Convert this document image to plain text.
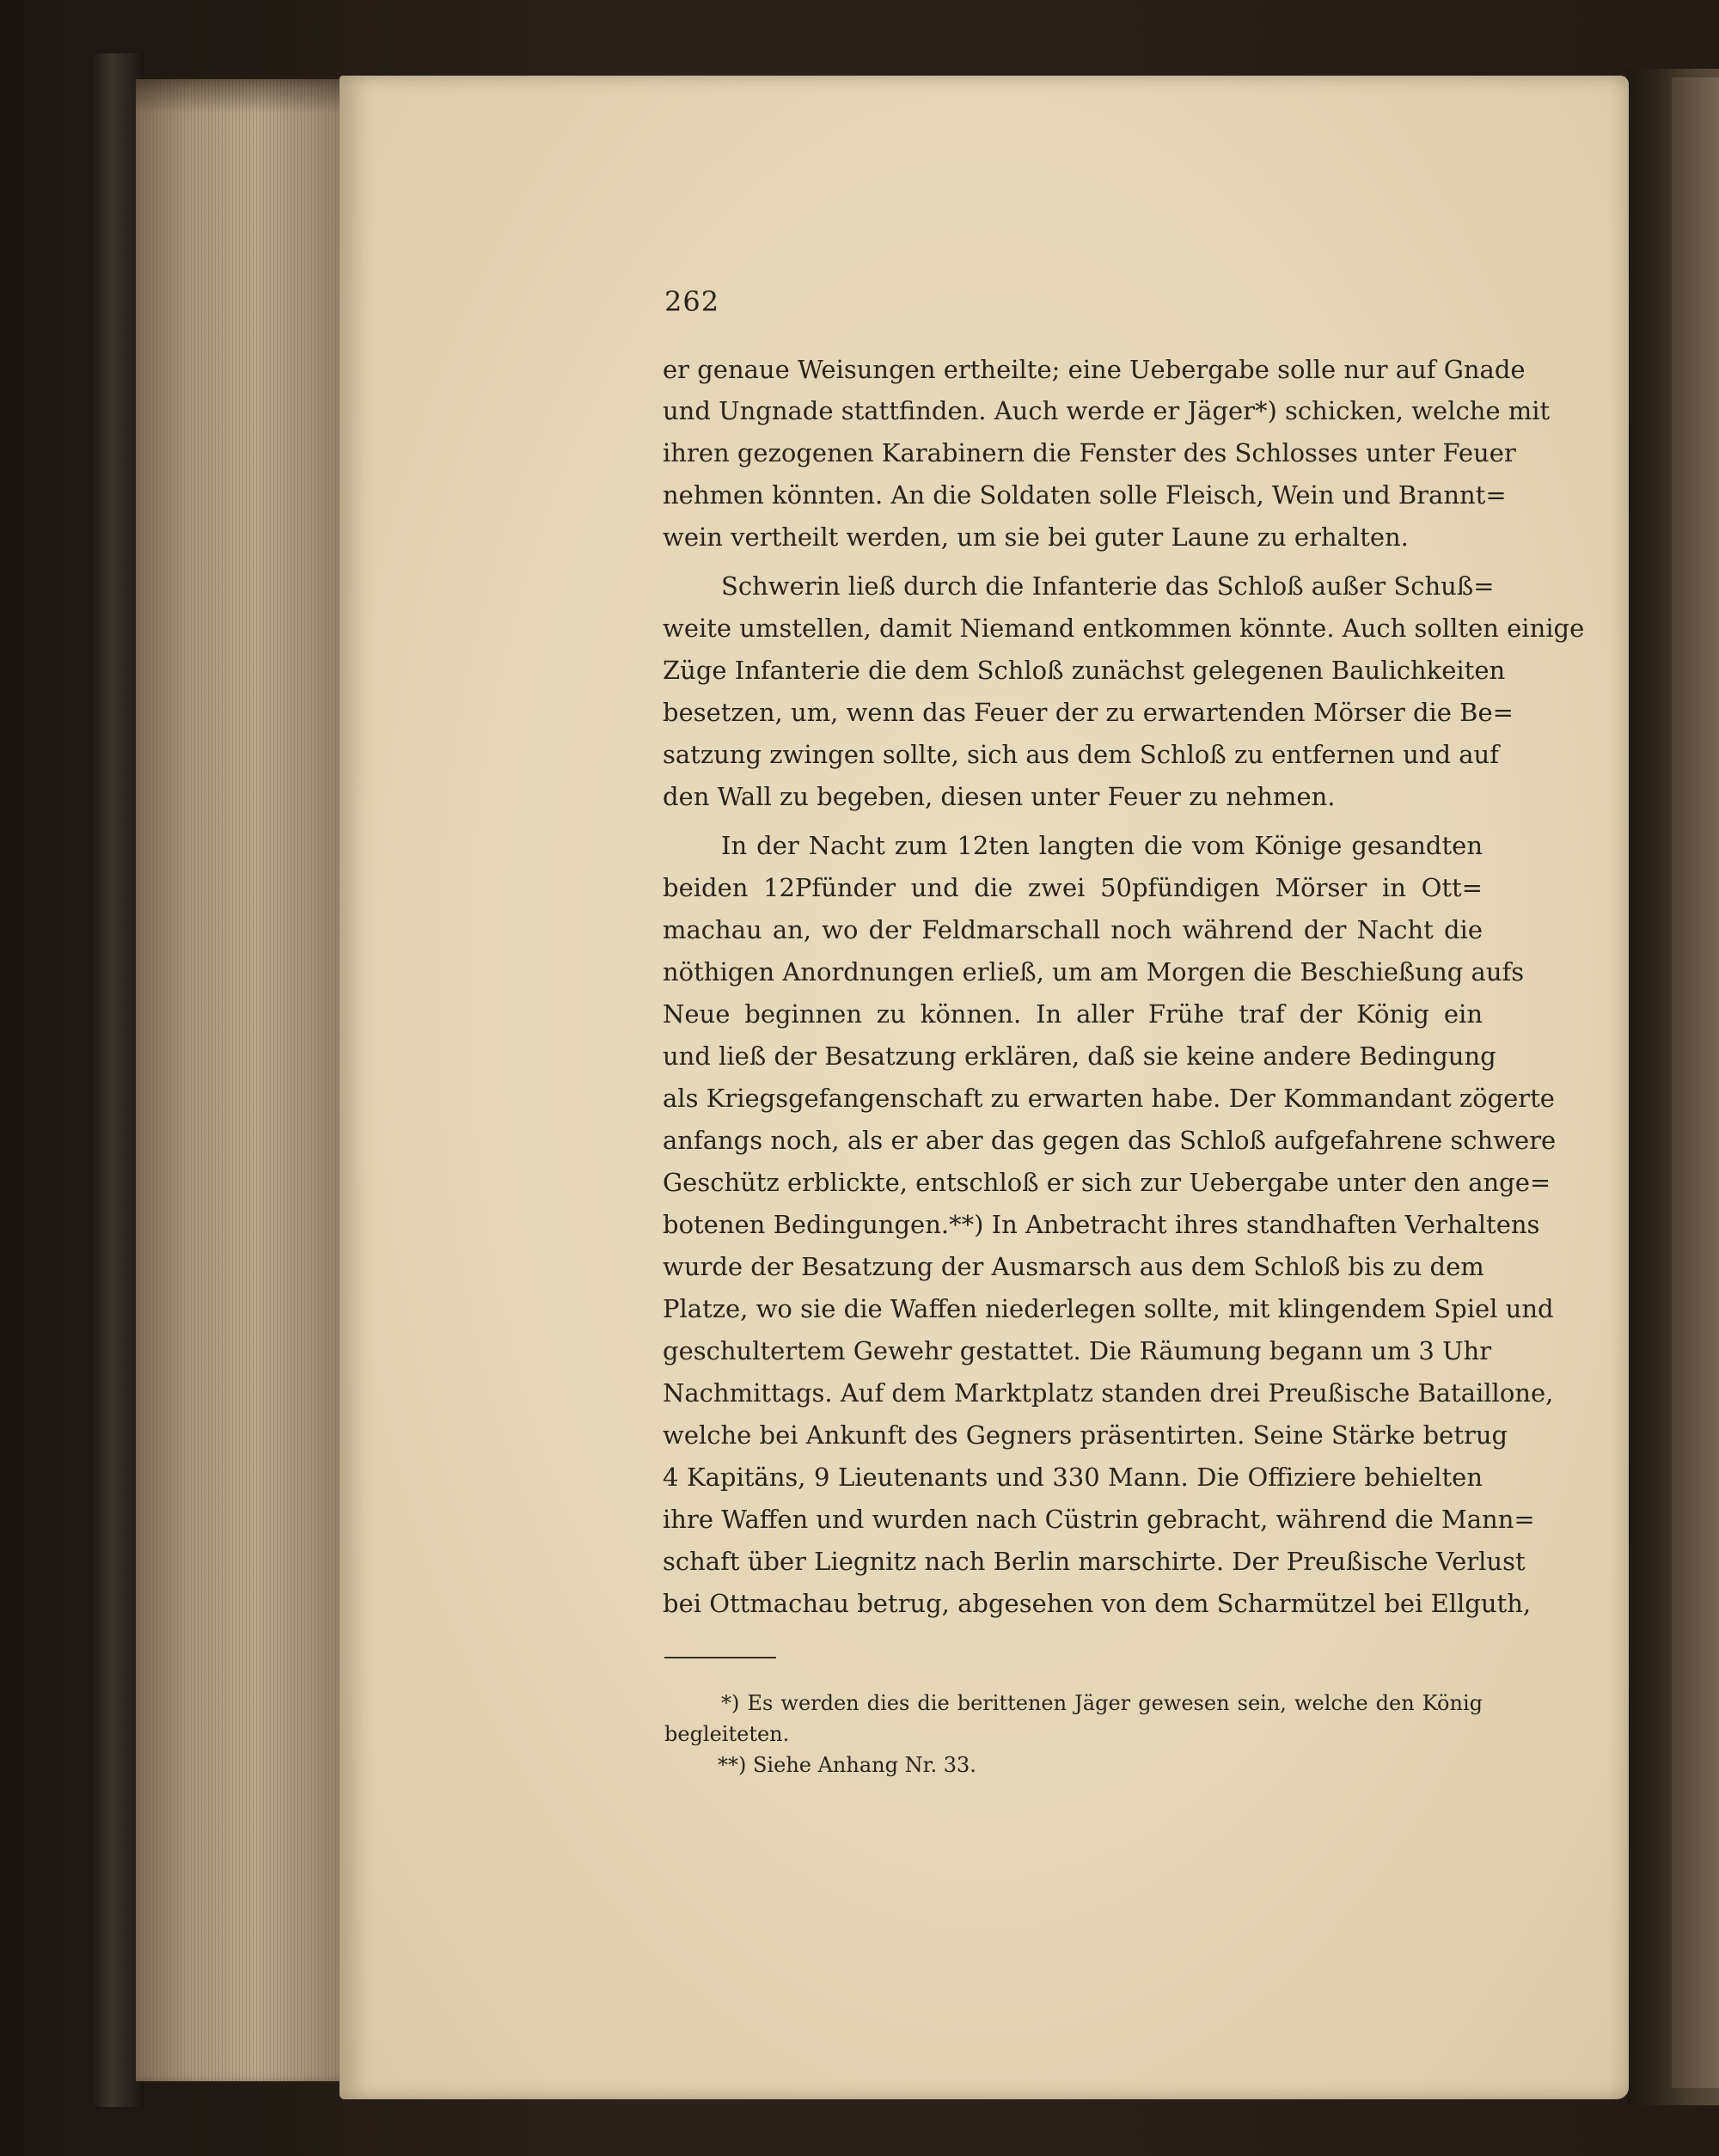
262
er genaue Weisungen ertheilte; eine Uebergabe solle nur auf Gnade
und Ungnade stattfinden. Auch werde er Jäger*) schicken, welche mit
ihren gezogenen Karabinern die Fenster des Schlosses unter Feuer
nehmen könnten. An die Soldaten solle Fleisch, Wein und Brannt=
wein vertheilt werden, um sie bei guter Laune zu erhalten.
Schwerin ließ durch die Infanterie das Schloß außer Schuß=
weite umstellen, damit Niemand entkommen könnte. Auch sollten einige
Züge Infanterie die dem Schloß zunächst gelegenen Baulichkeiten
besetzen, um, wenn das Feuer der zu erwartenden Mörser die Be=
satzung zwingen sollte, sich aus dem Schloß zu entfernen und auf
den Wall zu begeben, diesen unter Feuer zu nehmen.
In der Nacht zum 12ten langten die vom Könige gesandten
beiden 12Pfünder und die zwei 50pfündigen Mörser in Ott=
machau an, wo der Feldmarschall noch während der Nacht die
nöthigen Anordnungen erließ, um am Morgen die Beschießung aufs
Neue beginnen zu können. In aller Frühe traf der König ein
und ließ der Besatzung erklären, daß sie keine andere Bedingung
als Kriegsgefangenschaft zu erwarten habe. Der Kommandant zögerte
anfangs noch, als er aber das gegen das Schloß aufgefahrene schwere
Geschütz erblickte, entschloß er sich zur Uebergabe unter den ange=
botenen Bedingungen.**) In Anbetracht ihres standhaften Verhaltens
wurde der Besatzung der Ausmarsch aus dem Schloß bis zu dem
Platze, wo sie die Waffen niederlegen sollte, mit klingendem Spiel und
geschultertem Gewehr gestattet. Die Räumung begann um 3 Uhr
Nachmittags. Auf dem Marktplatz standen drei Preußische Bataillone,
welche bei Ankunft des Gegners präsentirten. Seine Stärke betrug
4 Kapitäns, 9 Lieutenants und 330 Mann. Die Offiziere behielten
ihre Waffen und wurden nach Cüstrin gebracht, während die Mann=
schaft über Liegnitz nach Berlin marschirte. Der Preußische Verlust
bei Ottmachau betrug, abgesehen von dem Scharmützel bei Ellguth,
*) Es werden dies die berittenen Jäger gewesen sein, welche den König
begleiteten.
**) Siehe Anhang Nr. 33.
